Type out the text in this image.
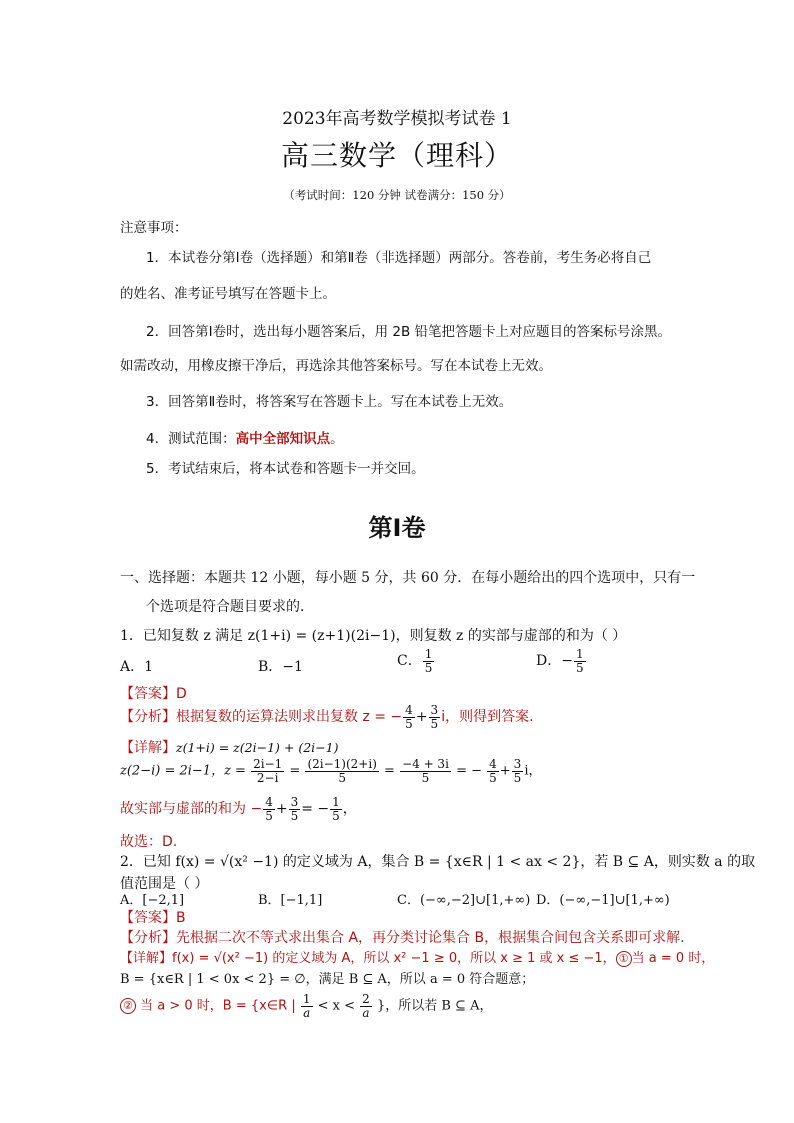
2023年高考数学模拟考试卷 1
高三数学（理科）
（考试时间：120 分钟 试卷满分：150 分）
注意事项：
1．本试卷分第Ⅰ卷（选择题）和第Ⅱ卷（非选择题）两部分。答卷前，考生务必将自己
的姓名、准考证号填写在答题卡上。
2．回答第Ⅰ卷时，选出每小题答案后，用 2B 铅笔把答题卡上对应题目的答案标号涂黑。
如需改动，用橡皮擦干净后，再选涂其他答案标号。写在本试卷上无效。
3．回答第Ⅱ卷时，将答案写在答题卡上。写在本试卷上无效。
4．测试范围：高中全部知识点。
5．考试结束后，将本试卷和答题卡一并交回。
第Ⅰ卷
一、选择题：本题共 12 小题，每小题 5 分，共 60 分．在每小题给出的四个选项中，只有一
个选项是符合题目要求的．
1．已知复数 z 满足 z(1+i) = (z+1)(2i−1)，则复数 z 的实部与虚部的和为（ ）
A．1	B．−1	C． $\frac{1}{5}$	D．− $\frac{1}{5}$
【答案】D
【分析】根据复数的运算法则求出复数 z = − $\frac{4}{5} + \frac{3}{5}$ i，则得到答案.
【详解】z(1+i) = z(2i−1) + (2i−1)
z(2−i) = 2i−1，$z = \frac{2i-1}{2-i} = \frac{(2i-1)(2+i)}{5} = \frac{-4 + 3i}{5}$ = − $\frac{4}{5} + \frac{3}{5}$ i，
故实部与虚部的和为 − $\frac{4}{5} + \frac{3}{5}$ = − $\frac{1}{5}$ ，
故选：D.
2．已知 f(x) = √(x² −1) 的定义域为 A，集合 B = {x∈R | 1 < ax < 2}，若 B ⊆ A，则实数 a 的取
值范围是（ ）
A．[−2,1]	B．[−1,1]	C．(−∞,−2]∪[1,+∞) D．(−∞,−1]∪[1,+∞)
【答案】B
【分析】先根据二次不等式求出集合 A，再分类讨论集合 B，根据集合间包含关系即可求解.
【详解】f(x) = √(x² −1) 的定义域为 A，所以 x² −1 ≥ 0，所以 x ≥ 1 或 x ≤ −1， ① 当 a = 0 时，
B = {x∈R | 1 < 0x < 2} = ∅，满足 B ⊆ A，所以 a = 0 符合题意；
② 当 a > 0 时，B = {x∈R | $\frac{1}{a} < x < \frac{2}{a}$ }，所以若 B ⊆ A，
